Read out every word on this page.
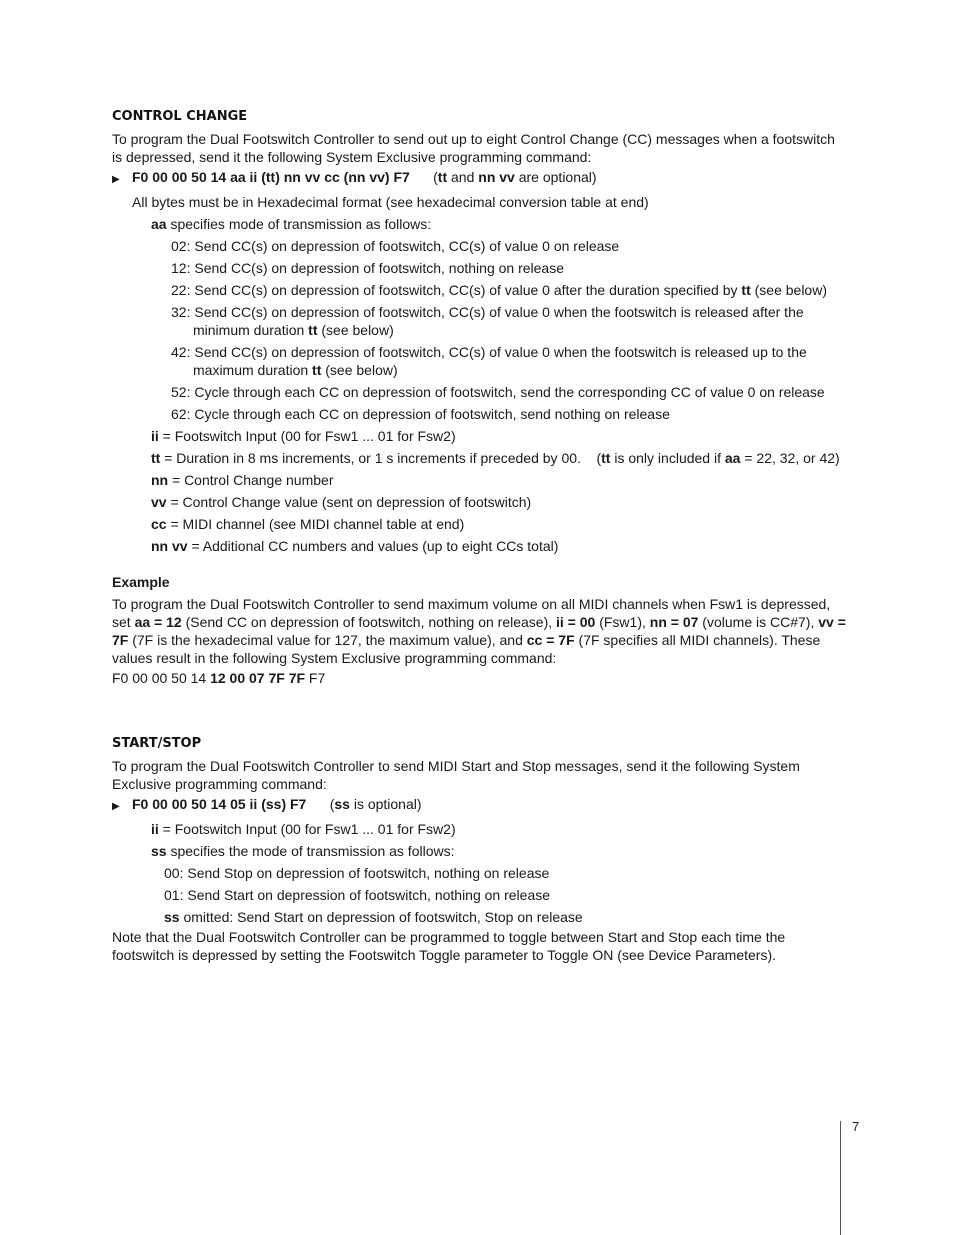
CONTROL CHANGE

To program the Dual Footswitch Controller to send out up to eight Control Change (CC) messages when a footswitch is depressed, send it the following System Exclusive programming command:

▶ F0 00 00 50 14 aa ii (tt) nn vv cc (nn vv) F7 (tt and nn vv are optional)
All bytes must be in Hexadecimal format (see hexadecimal conversion table at end)
aa specifies mode of transmission as follows:
02: Send CC(s) on depression of footswitch, CC(s) of value 0 on release
12: Send CC(s) on depression of footswitch, nothing on release
22: Send CC(s) on depression of footswitch, CC(s) of value 0 after the duration specified by tt (see below)
32: Send CC(s) on depression of footswitch, CC(s) of value 0 when the footswitch is released after the minimum duration tt (see below)
42: Send CC(s) on depression of footswitch, CC(s) of value 0 when the footswitch is released up to the maximum duration tt (see below)
52: Cycle through each CC on depression of footswitch, send the corresponding CC of value 0 on release
62: Cycle through each CC on depression of footswitch, send nothing on release
ii = Footswitch Input (00 for Fsw1 ... 01 for Fsw2)
tt = Duration in 8 ms increments, or 1 s increments if preceded by 00.    (tt is only included if aa = 22, 32, or 42)
nn = Control Change number
vv = Control Change value (sent on depression of footswitch)
cc = MIDI channel (see MIDI channel table at end)
nn vv = Additional CC numbers and values (up to eight CCs total)
Example

To program the Dual Footswitch Controller to send maximum volume on all MIDI channels when Fsw1 is depressed, set aa = 12 (Send CC on depression of footswitch, nothing on release), ii = 00 (Fsw1), nn = 07 (volume is CC#7), vv = 7F (7F is the hexadecimal value for 127, the maximum value), and cc = 7F (7F specifies all MIDI channels). These values result in the following System Exclusive programming command:

F0 00 00 50 14 12 00 07 7F 7F F7
START/STOP

To program the Dual Footswitch Controller to send MIDI Start and Stop messages, send it the following System Exclusive programming command:

▶ F0 00 00 50 14 05 ii (ss) F7 (ss is optional)
ii = Footswitch Input (00 for Fsw1 ... 01 for Fsw2)
ss specifies the mode of transmission as follows:
00: Send Stop on depression of footswitch, nothing on release
01: Send Start on depression of footswitch, nothing on release
ss omitted: Send Start on depression of footswitch, Stop on release

Note that the Dual Footswitch Controller can be programmed to toggle between Start and Stop each time the footswitch is depressed by setting the Footswitch Toggle parameter to Toggle ON (see Device Parameters).

7
